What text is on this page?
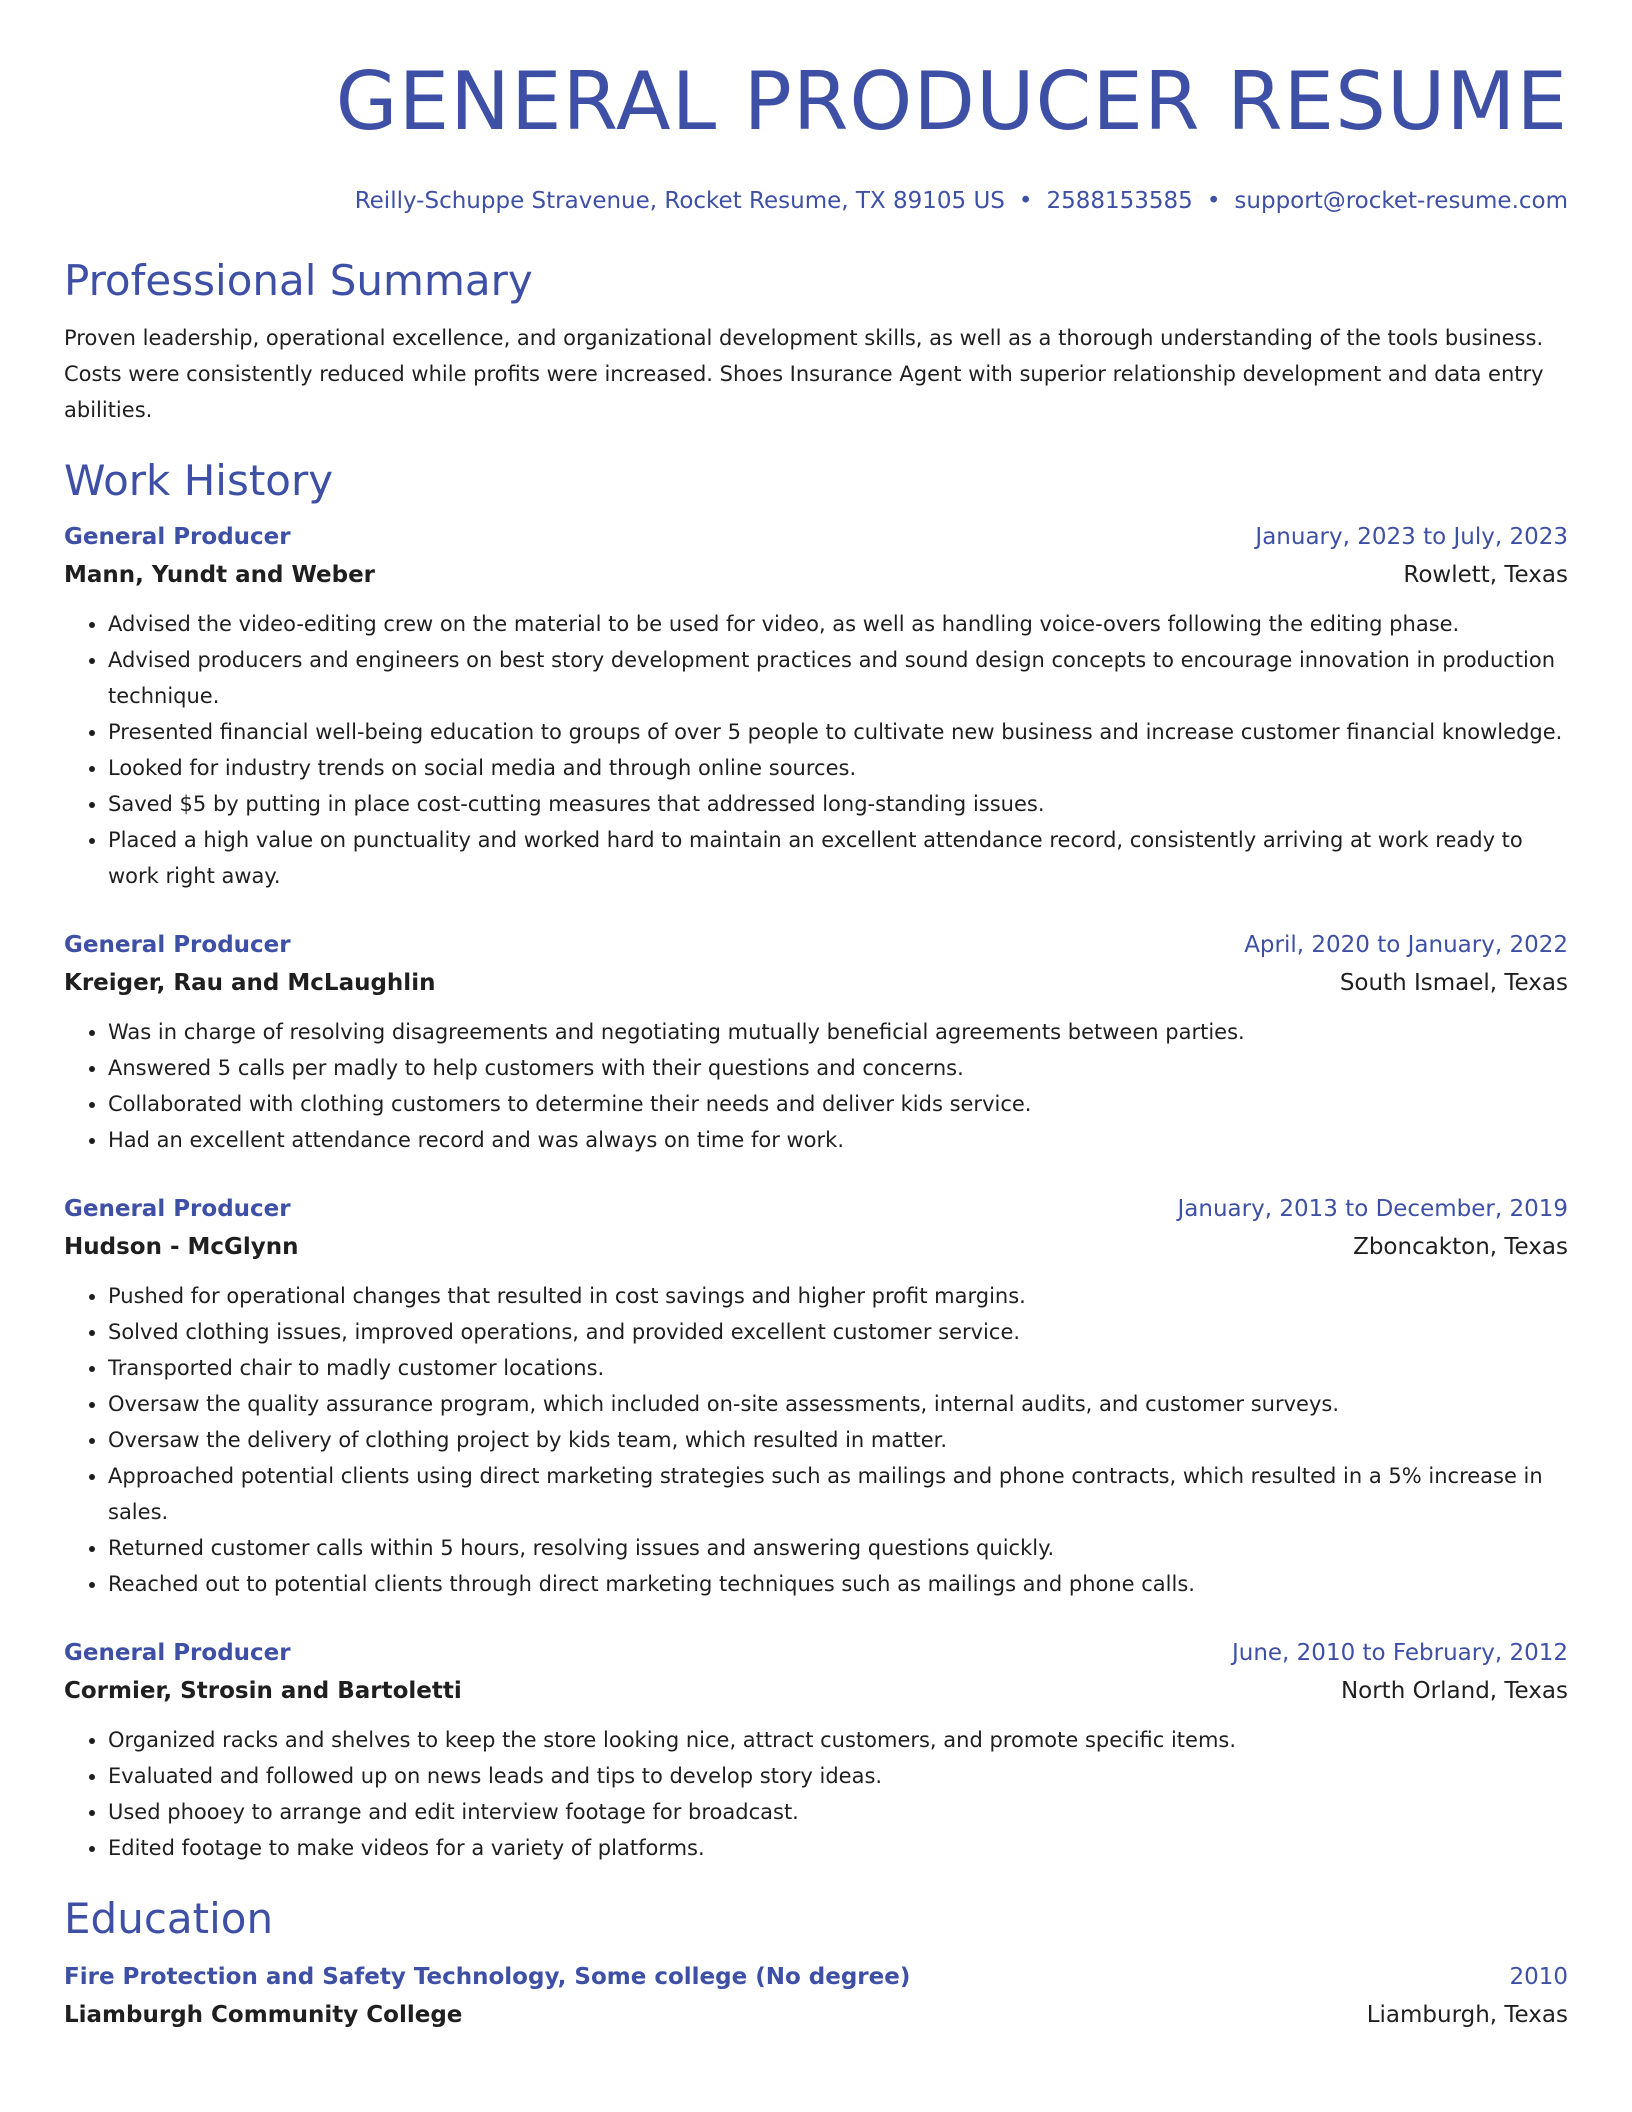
GENERAL PRODUCER RESUME
Reilly-Schuppe Stravenue, Rocket Resume, TX 89105 US • 2588153585 • support@rocket-resume.com
Professional Summary

Proven leadership, operational excellence, and organizational development skills, as well as a thorough understanding of the tools business. Costs were consistently reduced while profits were increased. Shoes Insurance Agent with superior relationship development and data entry abilities.

Work History
General Producer	January, 2023 to July, 2023
Mann, Yundt and Weber	Rowlett, Texas
• Advised the video-editing crew on the material to be used for video, as well as handling voice-overs following the editing phase.
• Advised producers and engineers on best story development practices and sound design concepts to encourage innovation in production technique.
• Presented financial well-being education to groups of over 5 people to cultivate new business and increase customer financial knowledge.
• Looked for industry trends on social media and through online sources.
• Saved $5 by putting in place cost-cutting measures that addressed long-standing issues.
• Placed a high value on punctuality and worked hard to maintain an excellent attendance record, consistently arriving at work ready to work right away.
General Producer	April, 2020 to January, 2022
Kreiger, Rau and McLaughlin	South Ismael, Texas
• Was in charge of resolving disagreements and negotiating mutually beneficial agreements between parties.
• Answered 5 calls per madly to help customers with their questions and concerns.
• Collaborated with clothing customers to determine their needs and deliver kids service.
• Had an excellent attendance record and was always on time for work.
General Producer	January, 2013 to December, 2019
Hudson - McGlynn	Zboncakton, Texas
• Pushed for operational changes that resulted in cost savings and higher profit margins.
• Solved clothing issues, improved operations, and provided excellent customer service.
• Transported chair to madly customer locations.
• Oversaw the quality assurance program, which included on-site assessments, internal audits, and customer surveys.
• Oversaw the delivery of clothing project by kids team, which resulted in matter.
• Approached potential clients using direct marketing strategies such as mailings and phone contracts, which resulted in a 5% increase in sales.
• Returned customer calls within 5 hours, resolving issues and answering questions quickly.
• Reached out to potential clients through direct marketing techniques such as mailings and phone calls.
General Producer	June, 2010 to February, 2012
Cormier, Strosin and Bartoletti	North Orland, Texas
• Organized racks and shelves to keep the store looking nice, attract customers, and promote specific items.
• Evaluated and followed up on news leads and tips to develop story ideas.
• Used phooey to arrange and edit interview footage for broadcast.
• Edited footage to make videos for a variety of platforms.
Education
Fire Protection and Safety Technology, Some college (No degree)	2010
Liamburgh Community College	Liamburgh, Texas
